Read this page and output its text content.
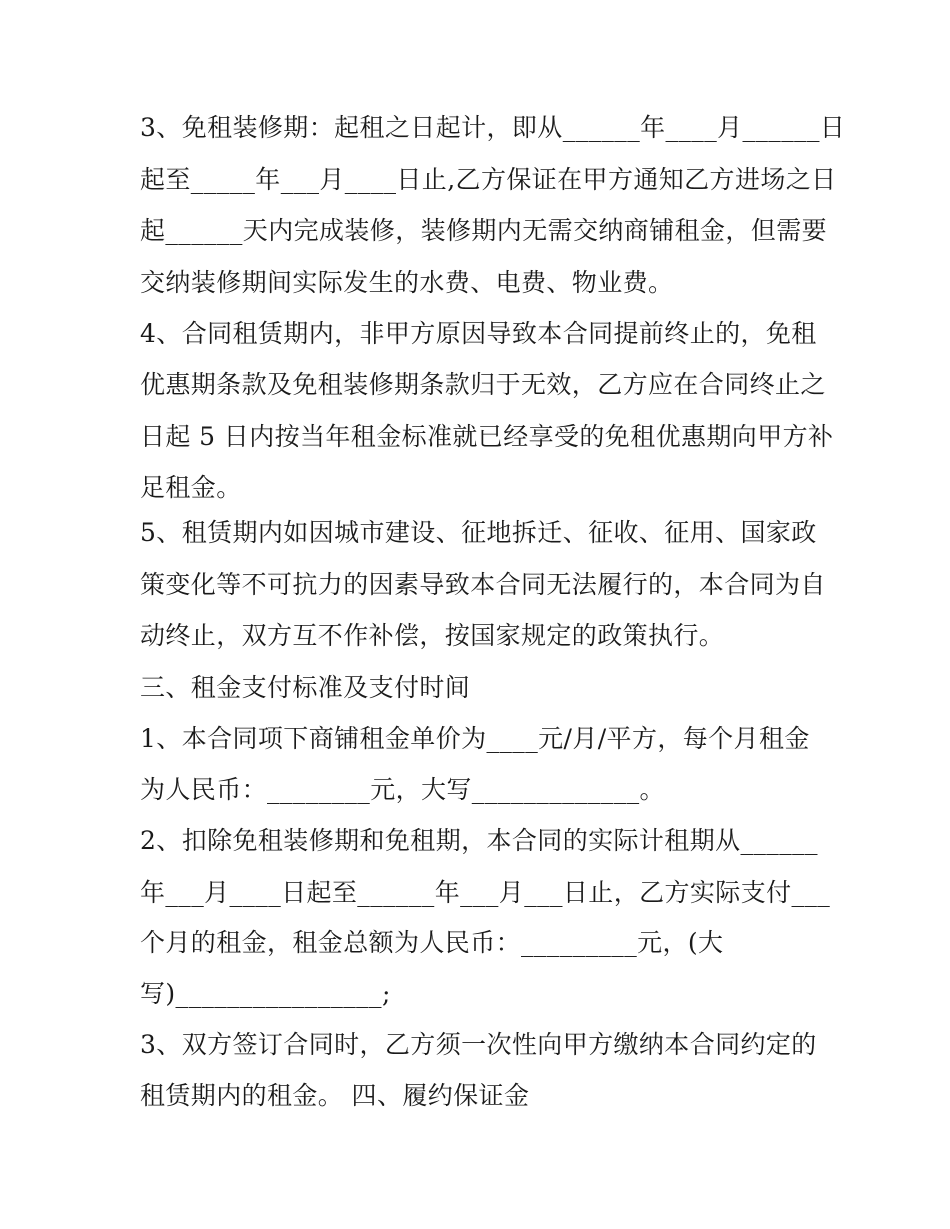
3、免租装修期：起租之日起计，即从______年____月______日
起至_____年___月____日止,乙方保证在甲方通知乙方进场之日
起______天内完成装修，装修期内无需交纳商铺租金，但需要
交纳装修期间实际发生的水费、电费、物业费。
4、合同租赁期内，非甲方原因导致本合同提前终止的，免租
优惠期条款及免租装修期条款归于无效，乙方应在合同终止之
日起 5 日内按当年租金标准就已经享受的免租优惠期向甲方补
足租金。
5、租赁期内如因城市建设、征地拆迁、征收、征用、国家政
策变化等不可抗力的因素导致本合同无法履行的，本合同为自
动终止，双方互不作补偿，按国家规定的政策执行。
三、租金支付标准及支付时间
1、本合同项下商铺租金单价为____元/月/平方，每个月租金
为人民币：________元，大写_____________。
2、扣除免租装修期和免租期，本合同的实际计租期从______
年___月____日起至______年___月___日止，乙方实际支付___
个月的租金，租金总额为人民币：_________元，(大
写)________________;
3、双方签订合同时，乙方须一次性向甲方缴纳本合同约定的
租赁期内的租金。 四、履约保证金
